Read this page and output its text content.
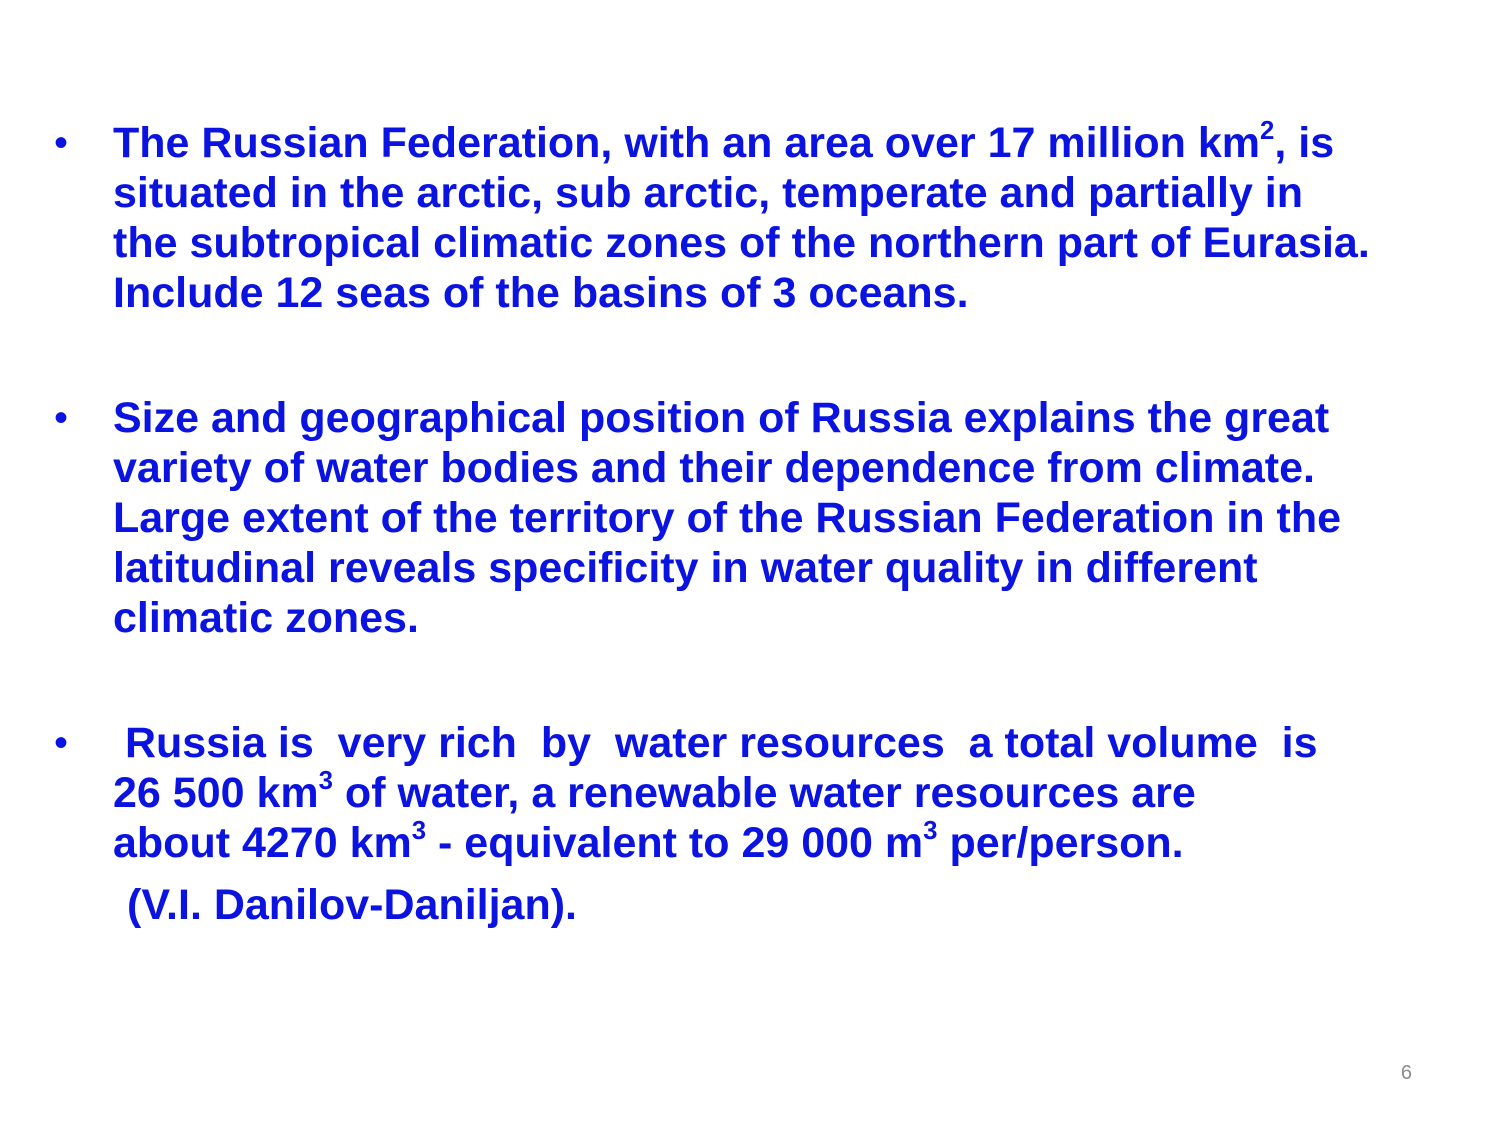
•	The Russian Federation, with an area over 17 million $km^2$, is
situated in the arctic, sub arctic, temperate and partially in
the subtropical climatic zones of the northern part of Eurasia.
Include 12 seas of the basins of 3 oceans.
•	Size and geographical position of Russia explains the great
variety of water bodies and their dependence from climate.
Large extent of the territory of the Russian Federation in the
latitudinal reveals specificity in water quality in different
climatic zones.
•	Russia is  very rich  by  water resources  a total volume  is
26 500 $km^3$ of water, a renewable water resources are
about 4270 $km^3$ - equivalent to 29 000 $m^3$ per/person.
(V.I. Danilov-Daniljan).
6
